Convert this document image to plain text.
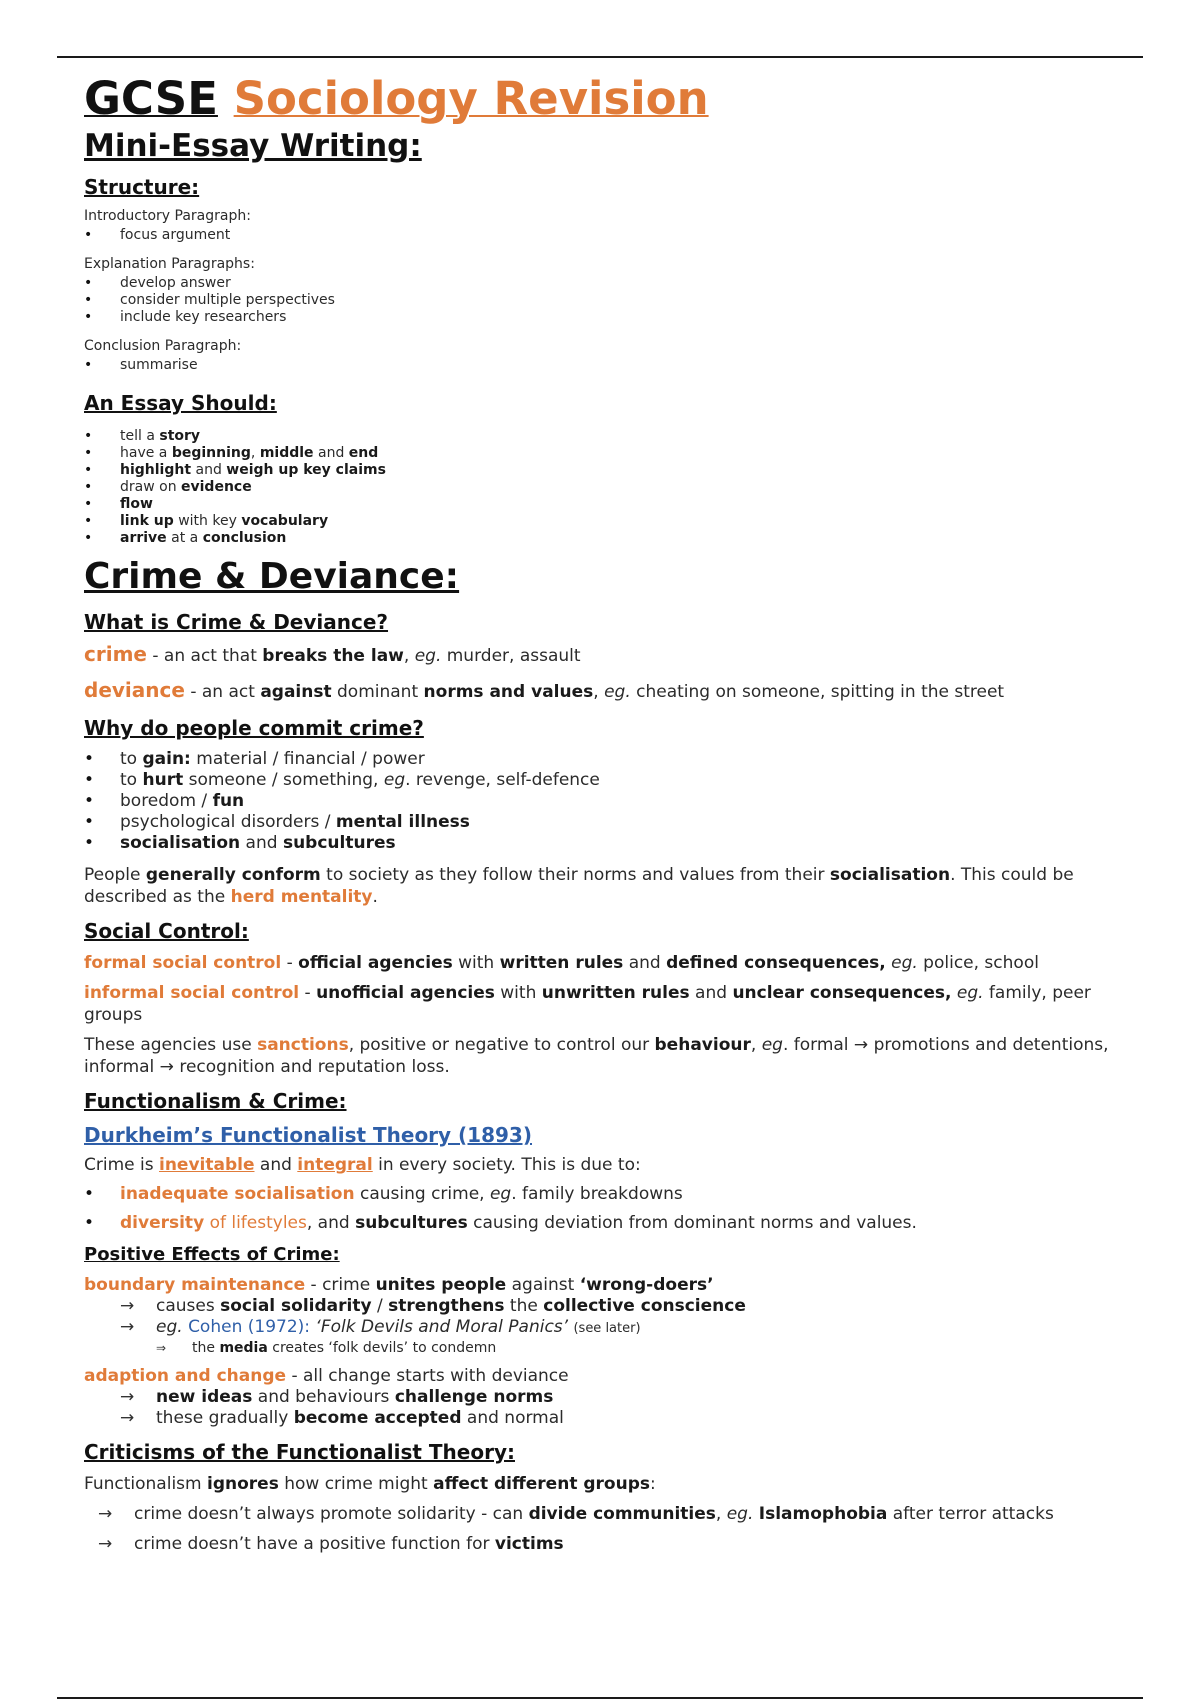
GCSE Sociology Revision
Mini-Essay Writing:
Structure:

Introductory Paragraph:

• focus argument

Explanation Paragraphs:

• develop answer
• consider multiple perspectives
• include key researchers

Conclusion Paragraph:

• summarise
An Essay Should:
• tell a story
• have a beginning, middle and end
• highlight and weigh up key claims
• draw on evidence
• flow
• link up with key vocabulary
• arrive at a conclusion
Crime & Deviance:
What is Crime & Deviance?

crime - an act that breaks the law, eg. murder, assault

deviance - an act against dominant norms and values, eg. cheating on someone, spitting in the street

Why do people commit crime?
• to gain: material / financial / power
• to hurt someone / something, eg. revenge, self-defence
• boredom / fun
• psychological disorders / mental illness
• socialisation and subcultures

People generally conform to society as they follow their norms and values from their socialisation. This could be described as the herd mentality.

Social Control:

formal social control - official agencies with written rules and defined consequences, eg. police, school

informal social control - unofficial agencies with unwritten rules and unclear consequences, eg. family, peer groups

These agencies use sanctions, positive or negative to control our behaviour, eg. formal → promotions and detentions, informal → recognition and reputation loss.

Functionalism & Crime:
Durkheim’s Functionalist Theory (1893)

Crime is inevitable and integral in every society. This is due to:

• inadequate socialisation causing crime, eg. family breakdowns
• diversity of lifestyles, and subcultures causing deviation from dominant norms and values.
Positive Effects of Crime:

boundary maintenance - crime unites people against ‘wrong-doers’

→ causes social solidarity / strengthens the collective conscience
→ eg. Cohen (1972): ‘Folk Devils and Moral Panics’ (see later)
⇒ the media creates ‘folk devils’ to condemn

adaption and change - all change starts with deviance

→ new ideas and behaviours challenge norms
→ these gradually become accepted and normal
Criticisms of the Functionalist Theory:

Functionalism ignores how crime might affect different groups:

→ crime doesn’t always promote solidarity - can divide communities, eg. Islamophobia after terror attacks
→ crime doesn’t have a positive function for victims
